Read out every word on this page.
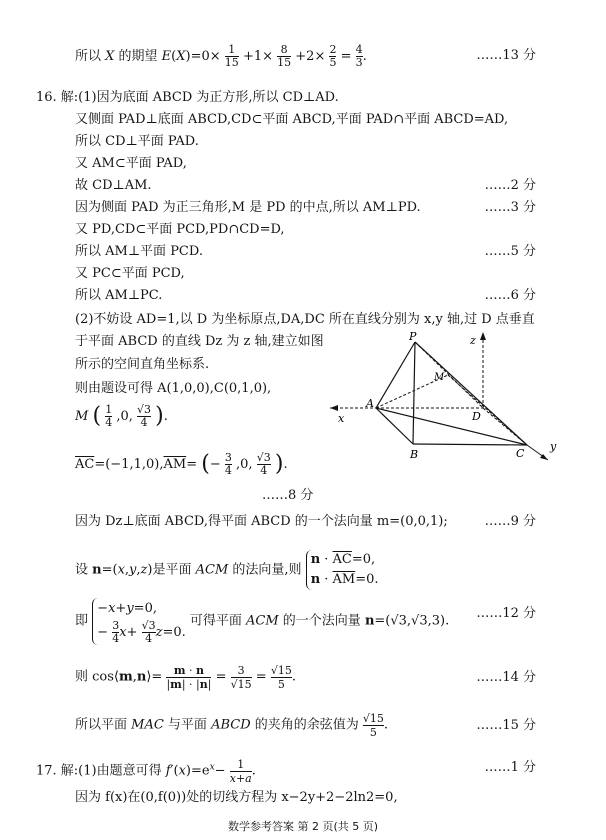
所以 X 的期望 $E(X)=0\times \frac{1}{15} +1\times \frac{8}{15} +2\times \frac{2}{5} = \frac{4}{3}$ .	……13 分
16. 解:(1)因为底面 ABCD 为正方形,所以 CD⊥AD.
又侧面 PAD⊥底面 ABCD,CD⊂平面 ABCD,平面 PAD∩平面 ABCD=AD,
所以 CD⊥平面 PAD.
又 AM⊂平面 PAD,
故 CD⊥AM.	……2 分
因为侧面 PAD 为正三角形,M 是 PD 的中点,所以 AM⊥PD.	……3 分
又 PD,CD⊂平面 PCD,PD∩CD=D,
所以 AM⊥平面 PCD.	……5 分
又 PC⊂平面 PCD,
所以 AM⊥PC.	……6 分
(2)不妨设 AD=1,以 D 为坐标原点,DA,DC 所在直线分别为 x,y 轴,过 D 点垂直
于平面 ABCD 的直线 Dz 为 z 轴,建立如图
所示的空间直角坐标系.
则由题设可得 A(1,0,0),C(0,1,0),
M ( $\frac{1}{4} ,0$, $\frac{√3}{4}$ ).
$\overline{AC}=(-1,1,0),\overline{AM}=$ (− $\frac{3}{4} ,0$, $\frac{√3}{4}$ ).
……8 分
因为 Dz⊥底面 ABCD,得平面 ABCD 的一个法向量 m=(0,0,1);	……9 分
设 n=(x,y,z)是平面 ACM 的法向量,则
$n \cdot \overline{AC}=0$,
$n \cdot \overline{AM}=0$.
即
−x+y=0,
− $\frac{3}{4} x+ \frac{√3}{4} z=0$.
可得平面 ACM 的一个法向量 n=(√3,√3,3). ……12 分
则 cos⟨m,n⟩= $\frac{m \cdot n}{|m| \cdot |n|} = \frac{3}{√15} = \frac{√15}{5}$ .	……14 分
所以平面 MAC 与平面 ABCD 的夹角的余弦值为 $\frac{√15}{5}$ .	……15 分
17. 解:(1)由题意可得 $f'(x)=e^x- \frac{1}{x+a}$ .	……1 分
因为 f(x)在(0,f(0))处的切线方程为 x−2y+2−2ln2=0,
P
M
A
D
B	C
x
y
z
数学参考答案 第 2 页(共 5 页)
